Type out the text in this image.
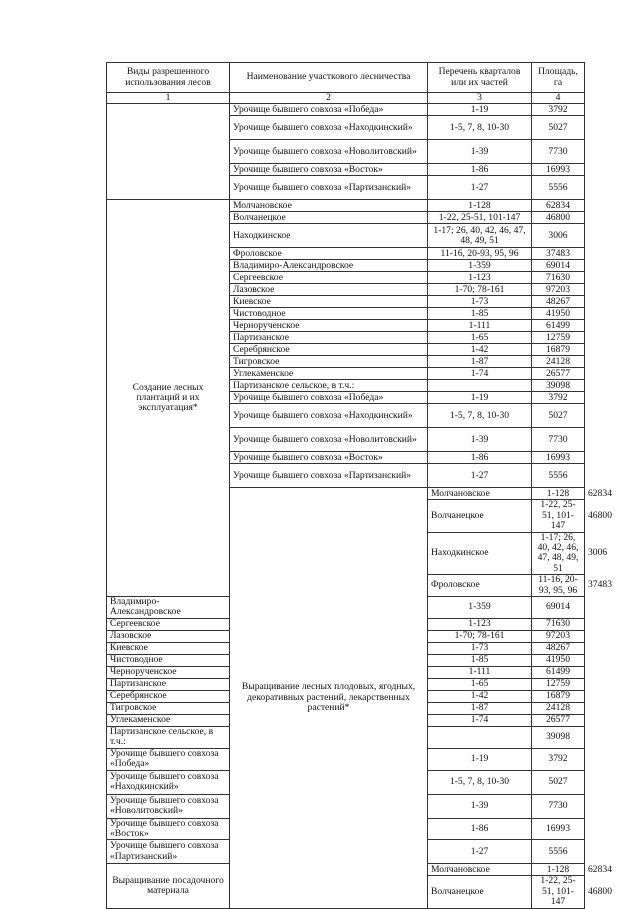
Виды разрешенного использования лесов	Наименование участкового лесничества	Перечень кварталов или их частей	Площадь, га	
1	2	3	4	
	Урочище бывшего совхоза «Победа»	1-19	3792	
	Урочище бывшего совхоза «Находкинский»	1-5, 7, 8, 10-30	5027	
	Урочище бывшего совхоза «Новолитовский»	1-39	7730	
	Урочище бывшего совхоза «Восток»	1-86	16993	
	Урочище бывшего совхоза «Партизанский»	1-27	5556	
Создание лесных плантаций и их эксплуатация*	Молчановское	1-128	62834	
	Волчанецкое	1-22, 25-51, 101-147	46800	
	Находкинское	1-17; 26, 40, 42, 46, 47, 48, 49, 51	3006	
	Фроловское	11-16, 20-93, 95, 96	37483	
	Владимиро-Александровское	1-359	69014	
	Сергеевское	1-123	71630	
	Лазовское	1-70; 78-161	97203	
	Киевское	1-73	48267	
	Чистоводное	1-85	41950	
	Чернорученское	1-111	61499	
	Партизанское	1-65	12759	
	Серебрянское	1-42	16879	
	Тигровское	1-87	24128	
	Углекаменское	1-74	26577	
	Партизанское сельское, в т.ч.:		39098	
	Урочище бывшего совхоза «Победа»	1-19	3792	
	Урочище бывшего совхоза «Находкинский»	1-5, 7, 8, 10-30	5027	
	Урочище бывшего совхоза «Новолитовский»	1-39	7730	
	Урочище бывшего совхоза «Восток»	1-86	16993	
	Урочище бывшего совхоза «Партизанский»	1-27	5556	
	Выращивание лесных плодовых, ягодных, декоративных растений, лекарственных растений*	Молчановское	1-128	62834
		Волчанецкое	1-22, 25-51, 101-147	46800
		Находкинское	1-17; 26, 40, 42, 46, 47, 48, 49, 51	3006
		Фроловское	11-16, 20-93, 95, 96	37483
Владимиро-Александровское		1-359	69014	
Сергеевское		1-123	71630	
Лазовское		1-70; 78-161	97203	
Киевское		1-73	48267	
Чистоводное		1-85	41950	
Чернорученское		1-111	61499	
Партизанское		1-65	12759	
Серебрянское		1-42	16879	
Тигровское		1-87	24128	
Углекаменское		1-74	26577	
Партизанское сельское, в т.ч.:			39098	
Урочище бывшего совхоза «Победа»		1-19	3792	
Урочище бывшего совхоза «Находкинский»		1-5, 7, 8, 10-30	5027	
Урочище бывшего совхоза «Новолитовский»		1-39	7730	
Урочище бывшего совхоза «Восток»		1-86	16993	
Урочище бывшего совхоза «Партизанский»		1-27	5556	
Выращивание посадочного материала		Молчановское	1-128	62834
		Волчанецкое	1-22, 25-51, 101-147	46800
